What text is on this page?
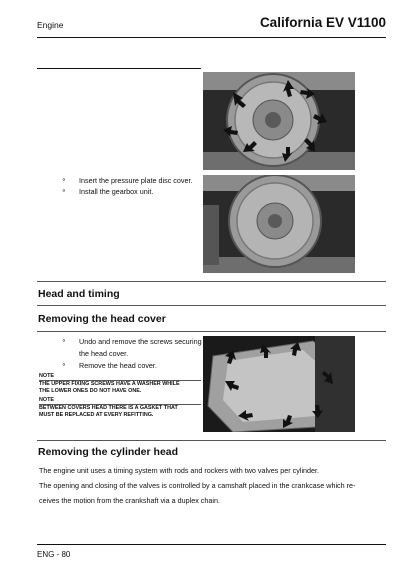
Engine	California EV V1100
⚬ Insert the pressure plate disc cover.
⚬ Install the gearbox unit.
Head and timing
Removing the head cover
⚬ Undo and remove the screws securing
the head cover.
⚬ Remove the head cover.
NOTE
THE UPPER FIXING SCREWS HAVE A WASHER WHILE
THE LOWER ONES DO NOT HAVE ONE.
NOTE
BETWEEN COVERS HEAD THERE IS A GASKET THAT
MUST BE REPLACED AT EVERY REFITTING.
Removing the cylinder head
The engine unit uses a timing system with rods and rockers with two valves per cylinder.
The opening and closing of the valves is controlled by a camshaft placed in the crankcase which re-
ceives the motion from the crankshaft via a duplex chain.
ENG - 80
